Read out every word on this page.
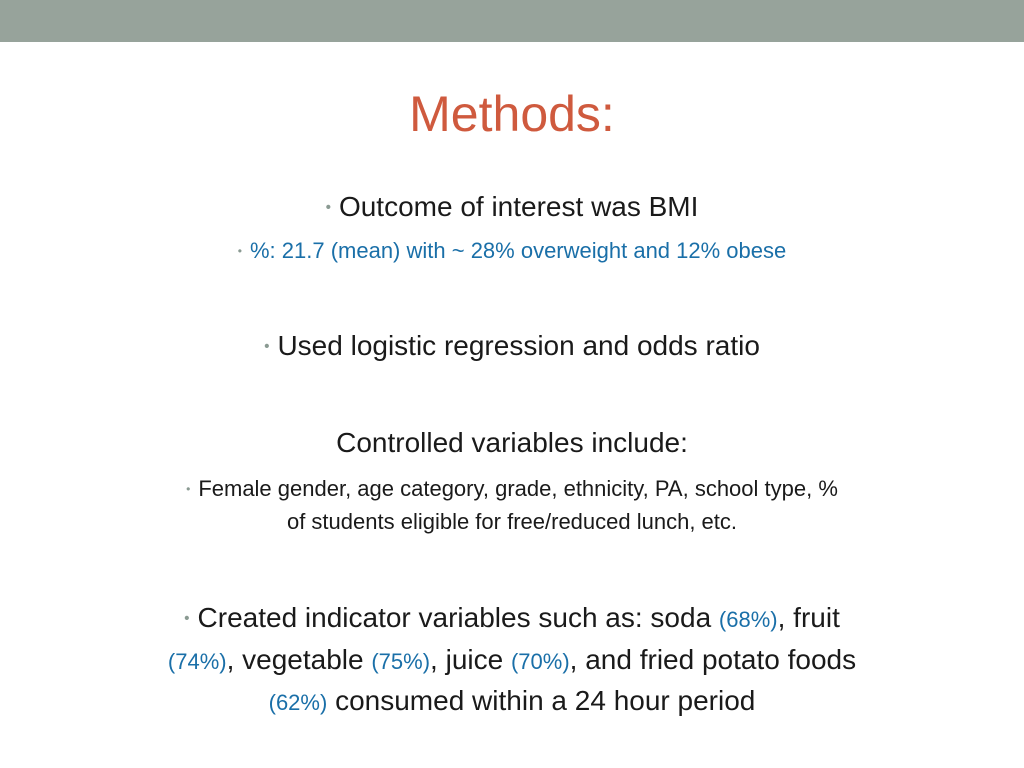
Methods:
• Outcome of interest was BMI
• %: 21.7 (mean) with ~ 28% overweight and 12% obese
• Used logistic regression and odds ratio
Controlled variables include:
• Female gender, age category, grade, ethnicity, PA, school type, %
of students eligible for free/reduced lunch, etc.
• Created indicator variables such as: soda (68%), fruit
(74%), vegetable (75%), juice (70%), and fried potato foods
(62%) consumed within a 24 hour period
